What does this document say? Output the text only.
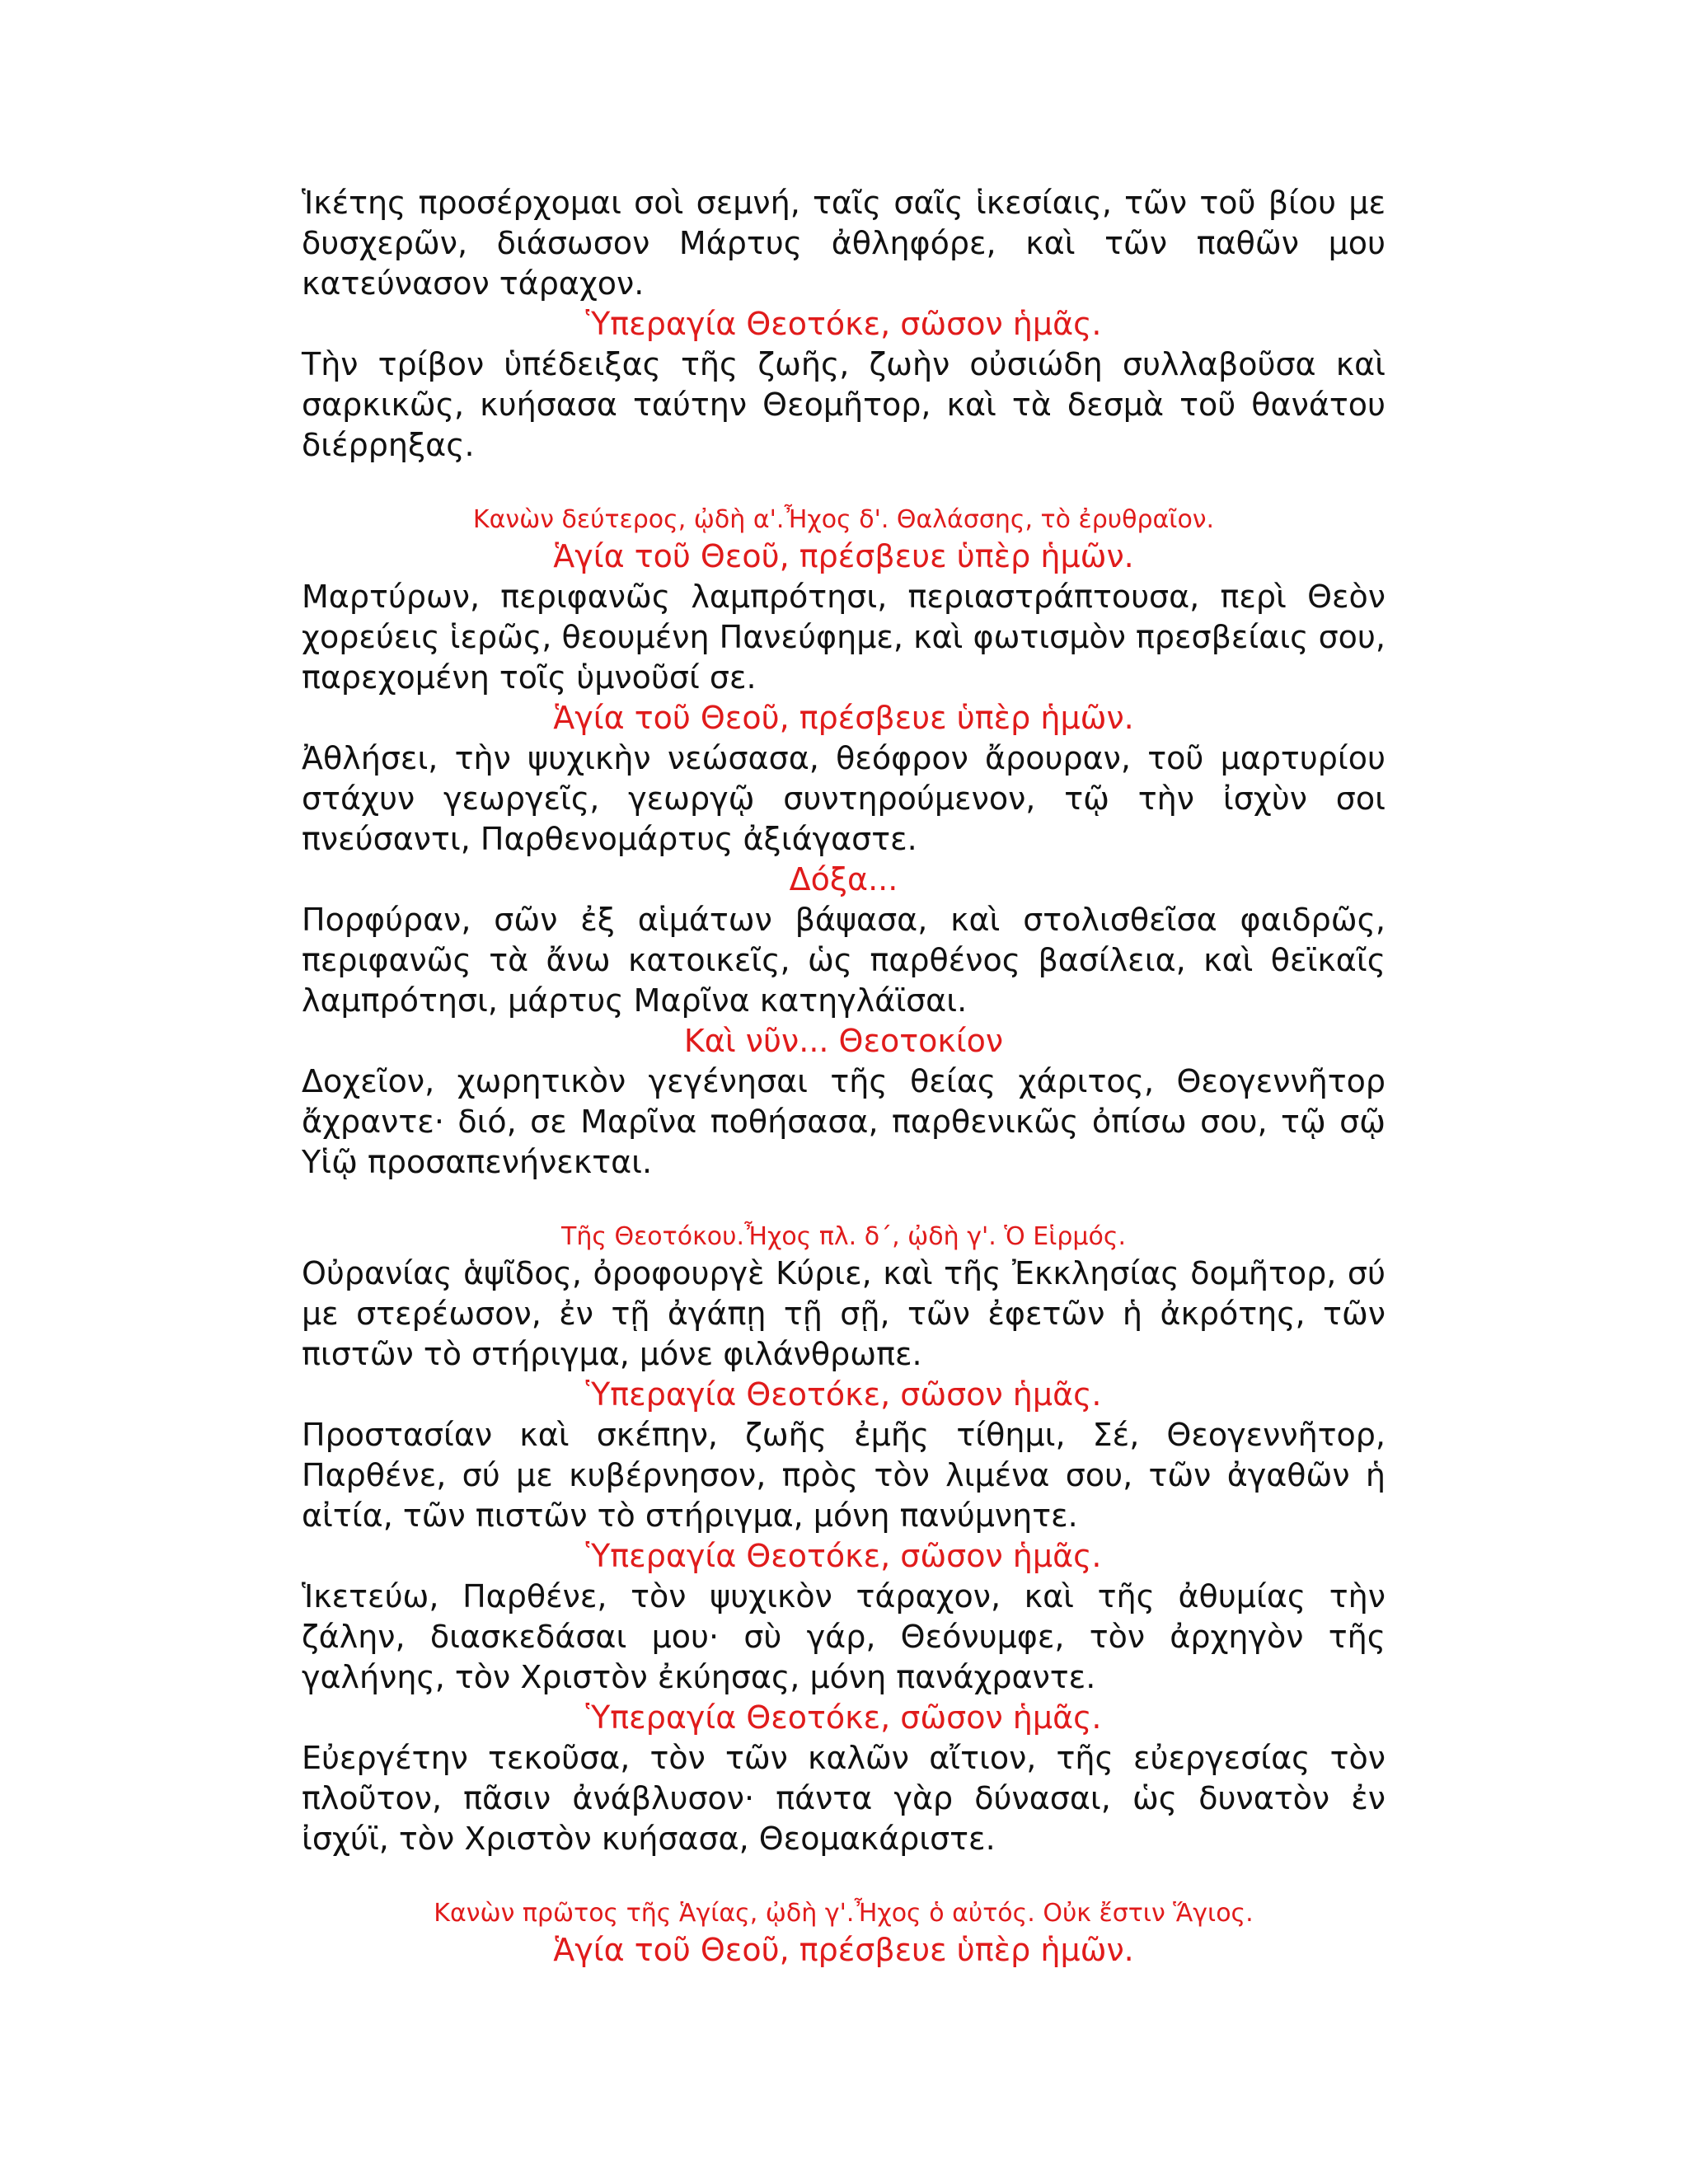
Ἱκέτης προσέρχομαι σοὶ σεμνή, ταῖς σαῖς ἱκεσίαις, τῶν τοῦ βίου με δυσχερῶν, διάσωσον Μάρτυς ἀθληφόρε, καὶ τῶν παθῶν μου κατεύνασον τάραχον.

Ὑπεραγία Θεοτόκε, σῶσον ἡμᾶς.

Τὴν τρίβον ὑπέδειξας τῆς ζωῆς, ζωὴν οὐσιώδη συλλαβοῦσα καὶ σαρκικῶς, κυήσασα ταύτην Θεομῆτορ, καὶ τὰ δεσμὰ τοῦ θανάτου διέρρηξας.

Κανὼν δεύτερος, ᾠδὴ α'.Ἦχος δ'. Θαλάσσης, τὸ ἐρυθραῖον.

Ἁγία τοῦ Θεοῦ, πρέσβευε ὑπὲρ ἡμῶν.

Μαρτύρων, περιφανῶς λαμπρότησι, περιαστράπτουσα, περὶ Θεὸν χορεύεις ἱερῶς, θεουμένη Πανεύφημε, καὶ φωτισμὸν πρεσβείαις σου, παρεχομένη τοῖς ὑμνοῦσί σε.

Ἁγία τοῦ Θεοῦ, πρέσβευε ὑπὲρ ἡμῶν.

Ἀθλήσει, τὴν ψυχικὴν νεώσασα, θεόφρον ἄρουραν, τοῦ μαρτυρίου στάχυν γεωργεῖς, γεωργῷ συντηρούμενον, τῷ τὴν ἰσχὺν σοι πνεύσαντι, Παρθενομάρτυς ἀξιάγαστε.

Δόξα...

Πορφύραν, σῶν ἐξ αἱμάτων βάψασα, καὶ στολισθεῖσα φαιδρῶς, περιφανῶς τὰ ἄνω κατοικεῖς, ὡς παρθένος βασίλεια, καὶ θεϊκαῖς λαμπρότησι, μάρτυς Μαρῖνα κατηγλάϊσαι.

Καὶ νῦν... Θεοτοκίον

Δοχεῖον, χωρητικὸν γεγένησαι τῆς θείας χάριτος, Θεογεννῆτορ ἄχραντε· διό, σε Μαρῖνα ποθήσασα, παρθενικῶς ὀπίσω σου, τῷ σῷ Υἱῷ προσαπενήνεκται.

Τῆς Θεοτόκου.Ἦχος πλ. δ΄, ᾠδὴ γ'. Ὁ Εἱρμός.

Οὐρανίας ἁψῖδος, ὀροφουργὲ Κύριε, καὶ τῆς Ἐκκλησίας δομῆτορ, σύ με στερέωσον, ἐν τῇ ἀγάπῃ τῇ σῇ, τῶν ἐφετῶν ἡ ἀκρότης, τῶν πιστῶν τὸ στήριγμα, μόνε φιλάνθρωπε.

Ὑπεραγία Θεοτόκε, σῶσον ἡμᾶς.

Προστασίαν καὶ σκέπην, ζωῆς ἐμῆς τίθημι, Σέ, Θεογεννῆτορ, Παρθένε, σύ με κυβέρνησον, πρὸς τὸν λιμένα σου, τῶν ἀγαθῶν ἡ αἰτία, τῶν πιστῶν τὸ στήριγμα, μόνη πανύμνητε.

Ὑπεραγία Θεοτόκε, σῶσον ἡμᾶς.

Ἱκετεύω, Παρθένε, τὸν ψυχικὸν τάραχον, καὶ τῆς ἀθυμίας τὴν ζάλην, διασκεδάσαι μου· σὺ γάρ, Θεόνυμφε, τὸν ἀρχηγὸν τῆς γαλήνης, τὸν Χριστὸν ἐκύησας, μόνη πανάχραντε.

Ὑπεραγία Θεοτόκε, σῶσον ἡμᾶς.

Εὐεργέτην τεκοῦσα, τὸν τῶν καλῶν αἴτιον, τῆς εὐεργεσίας τὸν πλοῦτον, πᾶσιν ἀνάβλυσον· πάντα γὰρ δύνασαι, ὡς δυνατὸν ἐν ἰσχύϊ, τὸν Χριστὸν κυήσασα, Θεομακάριστε.

Κανὼν πρῶτος τῆς Ἁγίας, ᾠδὴ γ'.Ἦχος ὁ αὐτός. Οὐκ ἔστιν Ἅγιος.

Ἁγία τοῦ Θεοῦ, πρέσβευε ὑπὲρ ἡμῶν.
